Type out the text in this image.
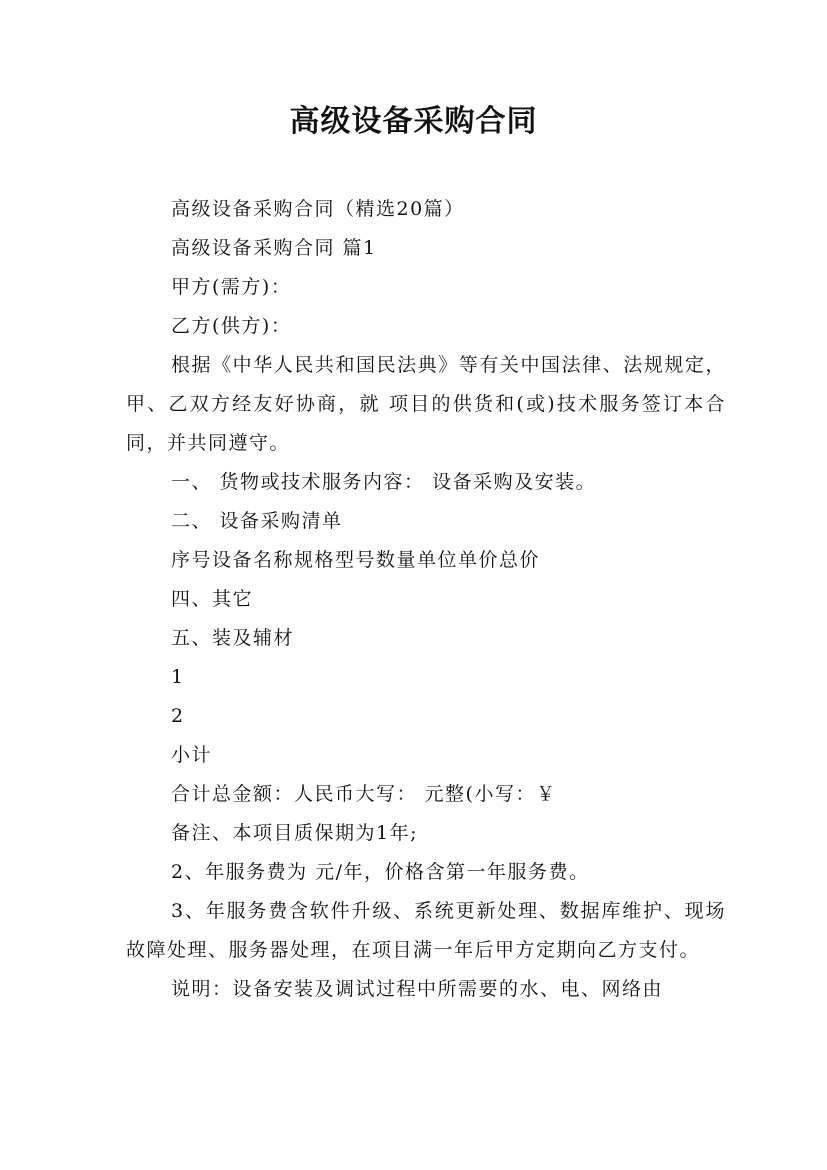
高级设备采购合同

高级设备采购合同（精选20篇）

高级设备采购合同 篇1

甲方(需方)：

乙方(供方)：

根据《中华人民共和国民法典》等有关中国法律、法规规定，甲、乙双方经友好协商，就 项目的供货和(或)技术服务签订本合同，并共同遵守。

一、 货物或技术服务内容： 设备采购及安装。

二、 设备采购清单

序号设备名称规格型号数量单位单价总价

四、其它

五、装及辅材

1

2

小计

合计总金额：人民币大写： 元整(小写：￥

备注、本项目质保期为1年;

2、年服务费为 元/年，价格含第一年服务费。

3、年服务费含软件升级、系统更新处理、数据库维护、现场故障处理、服务器处理，在项目满一年后甲方定期向乙方支付。

说明：设备安装及调试过程中所需要的水、电、网络由
